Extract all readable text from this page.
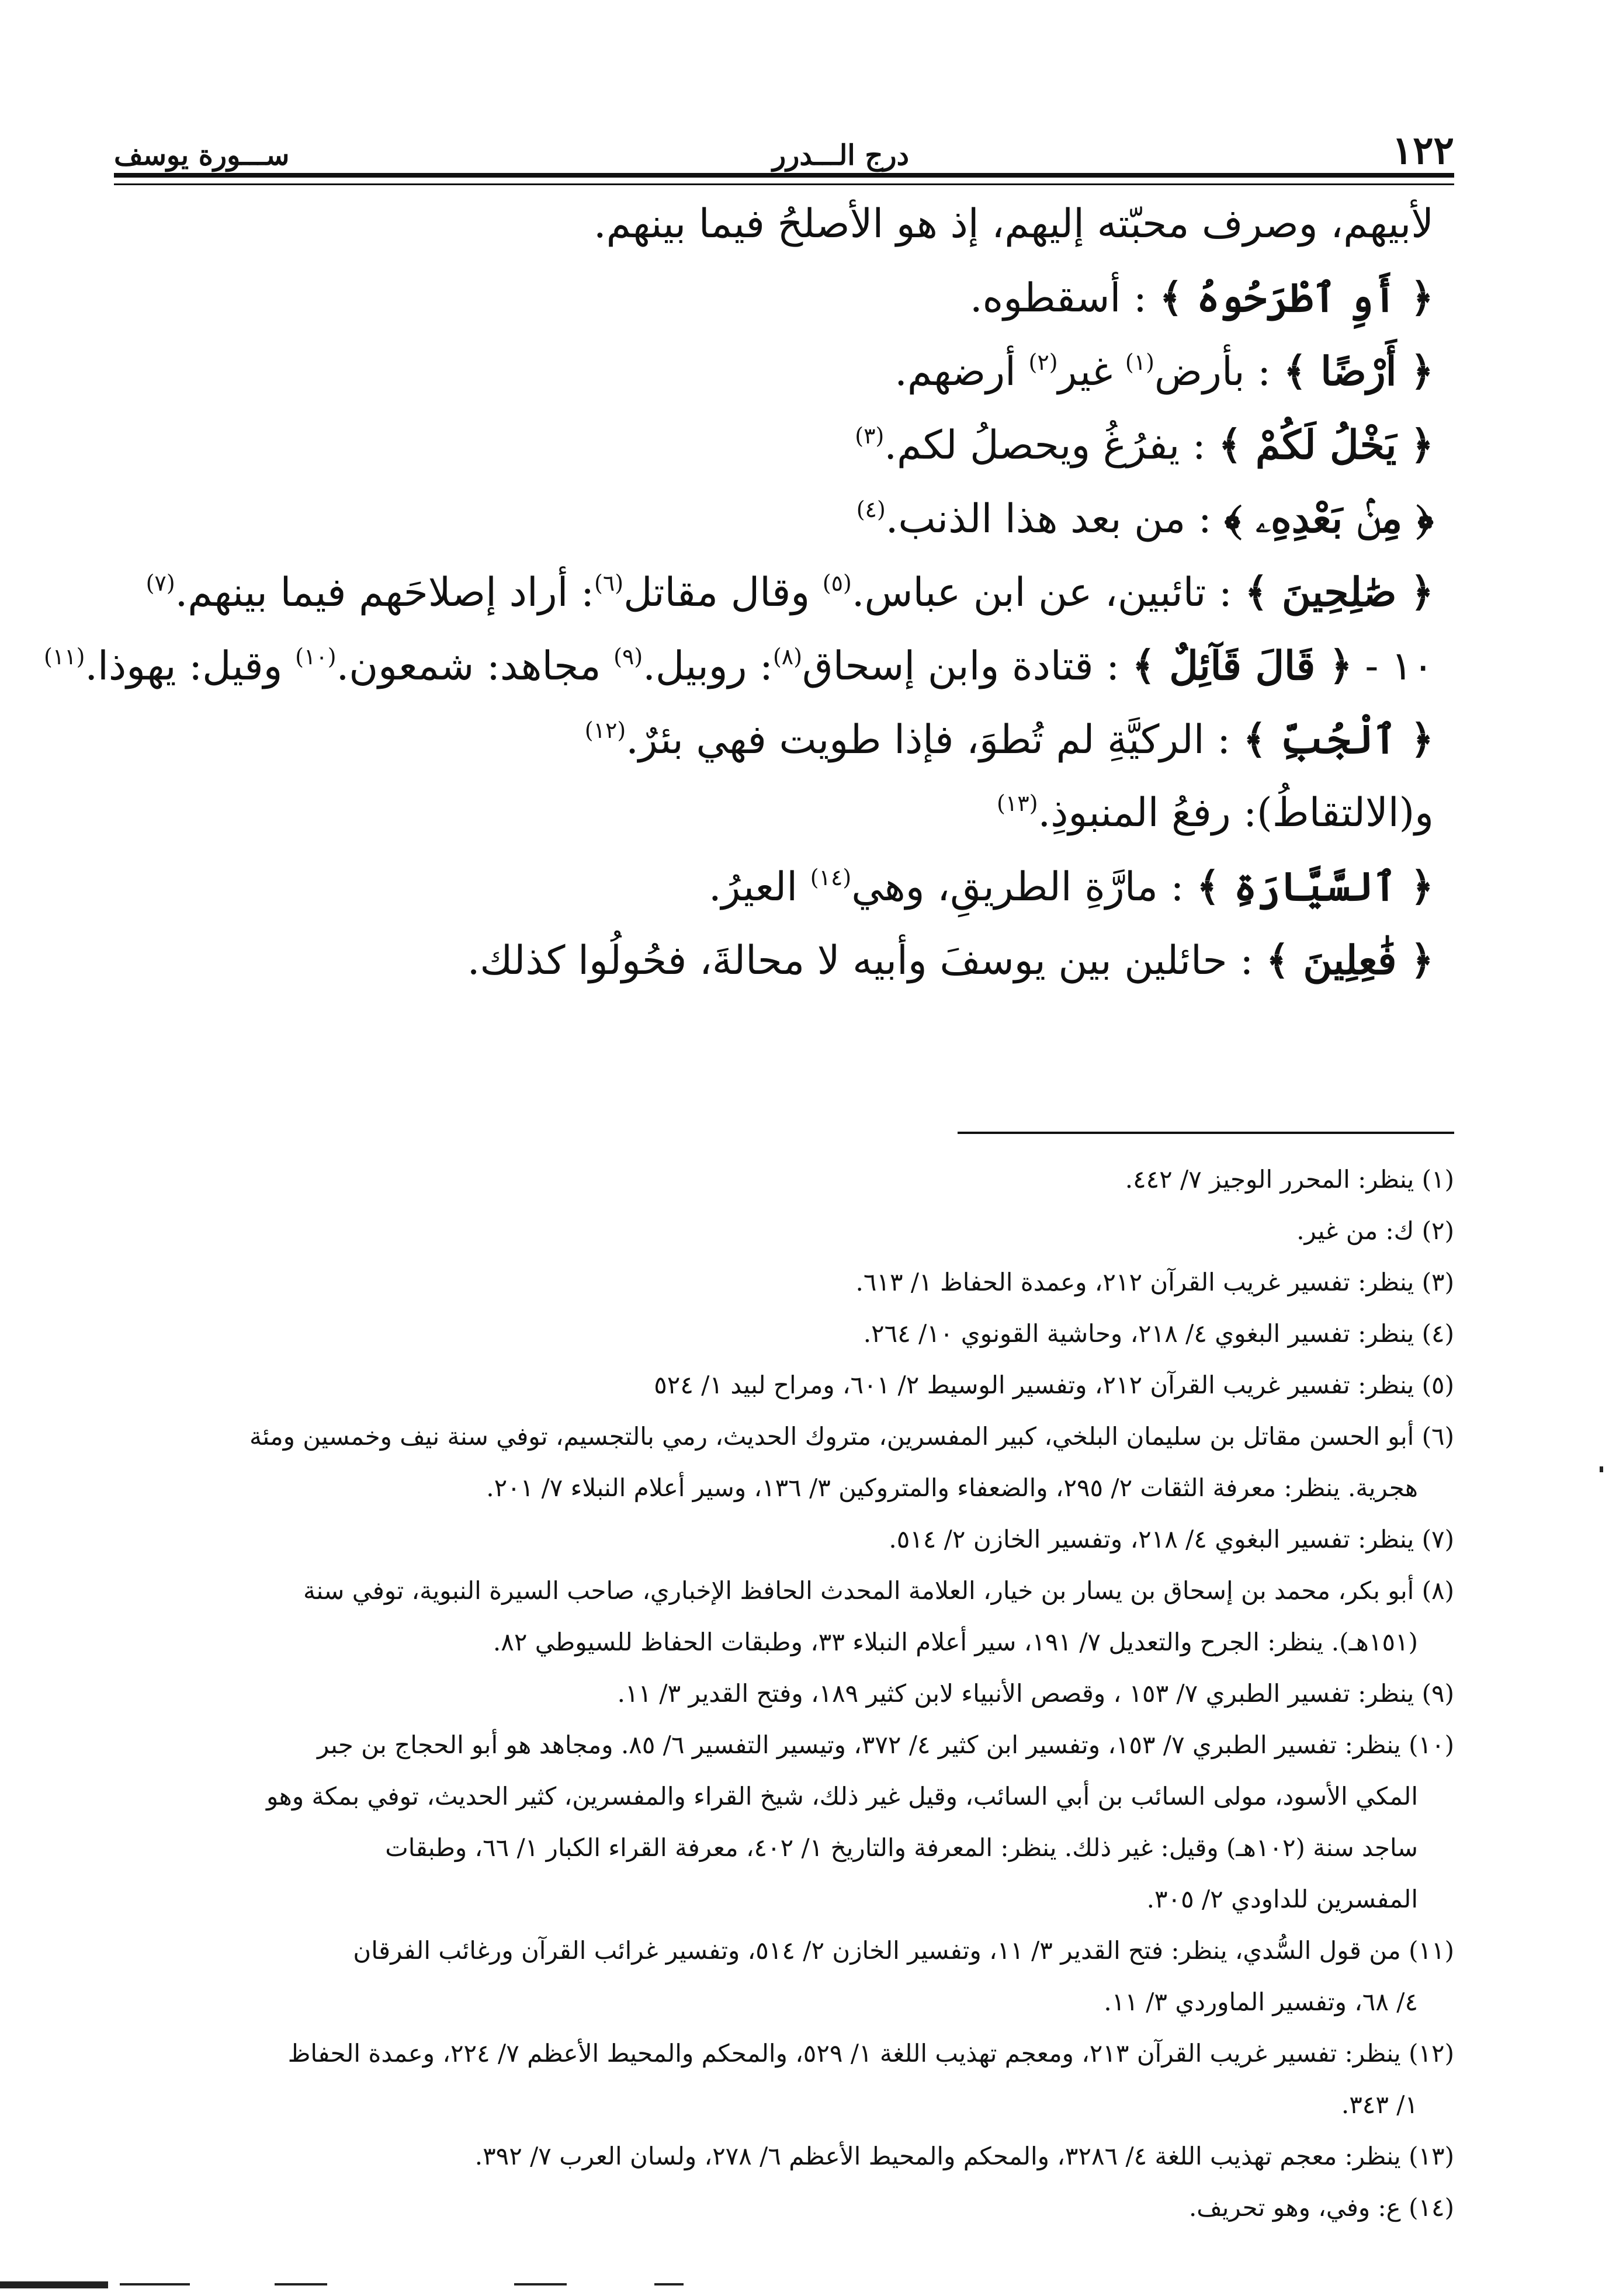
١٢٢
درج الـــدرر
ســـورة يوسف
لأبيهم، وصرف محبّته إليهم، إذ هو الأصلحُ فيما بينهم.
﴿ أَوِ ٱطْرَحُوهُ ﴾ : أسقطوه.
﴿ أَرْضًا ﴾ : بأرض$^{(١)}$ غير$^{(٢)}$ أرضهم.
﴿ يَخْلُ لَكُمْ ﴾ : يفرُغُ ويحصلُ لكم.$^{(٣)}$
﴿ مِنۢ بَعْدِهِۦ ﴾ : من بعد هذا الذنب.$^{(٤)}$
﴿ صَٰلِحِينَ ﴾ : تائبين، عن ابن عباس.$^{(٥)}$ وقال مقاتل$^{(٦)}$: أراد إصلاحَهم فيما بينهم.$^{(٧)}$
١٠ - ﴿ قَالَ قَآئِلٌ ﴾ : قتادة وابن إسحاق$^{(٨)}$: روبيل.$^{(٩)}$ مجاهد: شمعون.$^{(١٠)}$ وقيل: يهوذا.$^{(١١)}$
﴿ ٱلْجُبِّ ﴾ : الركيَّةِ لم تُطوَ، فإذا طويت فهي بئرٌ.$^{(١٢)}$
و(الالتقاطُ): رفعُ المنبوذِ.$^{(١٣)}$
﴿ ٱلسَّيَّارَةِ ﴾ : مارَّةِ الطريقِ، وهي$^{(١٤)}$ العيرُ.
﴿ فَٰعِلِينَ ﴾ : حائلين بين يوسفَ وأبيه لا محالةَ، فحُولُوا كذلك.
(١) ينظر: المحرر الوجيز ٧/ ٤٤٢.
(٢) ك: من غير.
(٣) ينظر: تفسير غريب القرآن ٢١٢، وعمدة الحفاظ ١/ ٦١٣.
(٤) ينظر: تفسير البغوي ٤/ ٢١٨، وحاشية القونوي ١٠/ ٢٦٤.
(٥) ينظر: تفسير غريب القرآن ٢١٢، وتفسير الوسيط ٢/ ٦٠١، ومراح لبيد ١/ ٥٢٤
(٦) أبو الحسن مقاتل بن سليمان البلخي، كبير المفسرين، متروك الحديث، رمي بالتجسيم، توفي سنة نيف وخمسين ومئة
هجرية. ينظر: معرفة الثقات ٢/ ٢٩٥، والضعفاء والمتروكين ٣/ ١٣٦، وسير أعلام النبلاء ٧/ ٢٠١.
(٧) ينظر: تفسير البغوي ٤/ ٢١٨، وتفسير الخازن ٢/ ٥١٤.
(٨) أبو بكر، محمد بن إسحاق بن يسار بن خيار، العلامة المحدث الحافظ الإخباري، صاحب السيرة النبوية، توفي سنة
(١٥١هـ). ينظر: الجرح والتعديل ٧/ ١٩١، سير أعلام النبلاء ٣٣، وطبقات الحفاظ للسيوطي ٨٢.
(٩) ينظر: تفسير الطبري ٧/ ١٥٣ ، وقصص الأنبياء لابن كثير ١٨٩، وفتح القدير ٣/ ١١.
(١٠) ينظر: تفسير الطبري ٧/ ١٥٣، وتفسير ابن كثير ٤/ ٣٧٢، وتيسير التفسير ٦/ ٨٥. ومجاهد هو أبو الحجاج بن جبر
المكي الأسود، مولى السائب بن أبي السائب، وقيل غير ذلك، شيخ القراء والمفسرين، كثير الحديث، توفي بمكة وهو
ساجد سنة (١٠٢هـ) وقيل: غير ذلك. ينظر: المعرفة والتاريخ ١/ ٤٠٢، معرفة القراء الكبار ١/ ٦٦، وطبقات
المفسرين للداودي ٢/ ٣٠٥.
(١١) من قول السُّدي، ينظر: فتح القدير ٣/ ١١، وتفسير الخازن ٢/ ٥١٤، وتفسير غرائب القرآن ورغائب الفرقان
٤/ ٦٨، وتفسير الماوردي ٣/ ١١.
(١٢) ينظر: تفسير غريب القرآن ٢١٣، ومعجم تهذيب اللغة ١/ ٥٢٩، والمحكم والمحيط الأعظم ٧/ ٢٢٤، وعمدة الحفاظ
١/ ٣٤٣.
(١٣) ينظر: معجم تهذيب اللغة ٤/ ٣٢٨٦، والمحكم والمحيط الأعظم ٦/ ٢٧٨، ولسان العرب ٧/ ٣٩٢.
(١٤) ع: وفي، وهو تحريف.
